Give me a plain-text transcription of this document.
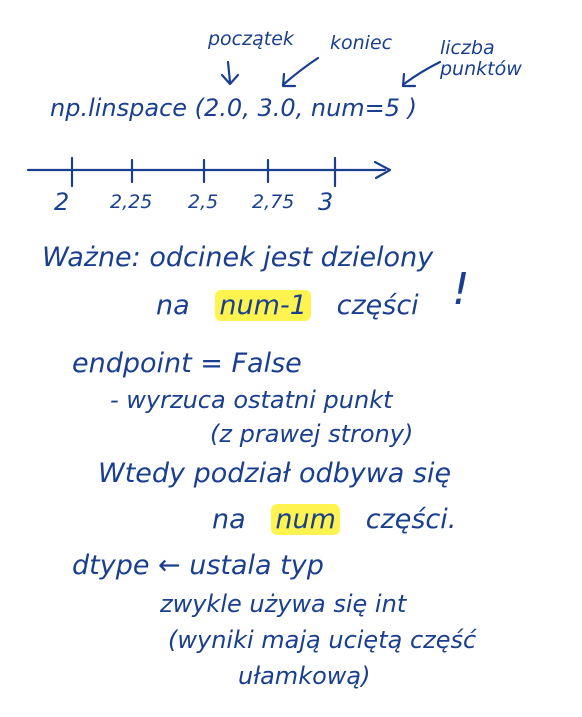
początek koniec	liczba punktów
np.linspace (2.0, 3.0, num=5 )
2 2,25 2,5 2,75 3
Ważne: odcinek jest dzielony
na num-1 części !
endpoint = False
- wyrzuca ostatni punkt
(z prawej strony)
Wtedy podział odbywa się
na num części.
dtype ← ustala typ
zwykle używa się int
(wyniki mają uciętą część
ułamkową)
